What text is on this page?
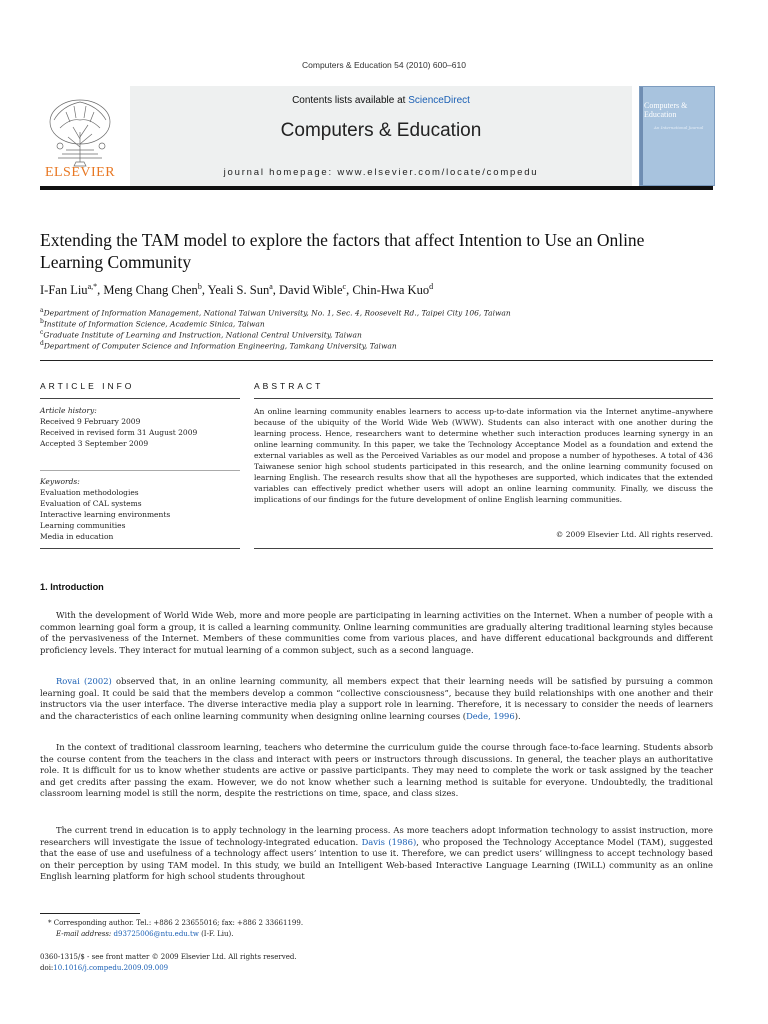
Computers & Education 54 (2010) 600–610
ELSEVIER
Contents lists available at ScienceDirect
Computers & Education
journal homepage: www.elsevier.com/locate/compedu
Computers & Education
An International Journal
Extending the TAM model to explore the factors that affect Intention to Use an Online Learning Community
I-Fan Liu$^{a,*}$, Meng Chang Chen$^b$, Yeali S. Sun$^a$, David Wible$^c$, Chin-Hwa Kuo$^d$
$^a$Department of Information Management, National Taiwan University, No. 1, Sec. 4, Roosevelt Rd., Taipei City 106, Taiwan
$^b$Institute of Information Science, Academic Sinica, Taiwan
$^c$Graduate Institute of Learning and Instruction, National Central University, Taiwan
$^d$Department of Computer Science and Information Engineering, Tamkang University, Taiwan
ARTICLE INFO
Article history:
Received 9 February 2009
Received in revised form 31 August 2009
Accepted 3 September 2009
Keywords:
Evaluation methodologies
Evaluation of CAL systems
Interactive learning environments
Learning communities
Media in education
ABSTRACT
An online learning community enables learners to access up-to-date information via the Internet anytime–anywhere because of the ubiquity of the World Wide Web (WWW). Students can also interact with one another during the learning process. Hence, researchers want to determine whether such interaction produces learning synergy in an online learning community. In this paper, we take the Technology Acceptance Model as a foundation and extend the external variables as well as the Perceived Variables as our model and propose a number of hypotheses. A total of 436 Taiwanese senior high school students participated in this research, and the online learning community focused on learning English. The research results show that all the hypotheses are supported, which indicates that the extended variables can effectively predict whether users will adopt an online learning community. Finally, we discuss the implications of our findings for the future development of online English learning communities.
© 2009 Elsevier Ltd. All rights reserved.
1. Introduction
With the development of World Wide Web, more and more people are participating in learning activities on the Internet. When a number of people with a common learning goal form a group, it is called a learning community. Online learning communities are gradually altering traditional learning styles because of the pervasiveness of the Internet. Members of these communities come from various places, and have different educational backgrounds and different proficiency levels. They interact for mutual learning of a common subject, such as a second language.
Rovai (2002) observed that, in an online learning community, all members expect that their learning needs will be satisfied by pursuing a common learning goal. It could be said that the members develop a common “collective consciousness”, because they build relationships with one another and their instructors via the user interface. The diverse interactive media play a support role in learning. Therefore, it is necessary to consider the needs of learners and the characteristics of each online learning community when designing online learning courses (Dede, 1996).
In the context of traditional classroom learning, teachers who determine the curriculum guide the course through face-to-face learning. Students absorb the course content from the teachers in the class and interact with peers or instructors through discussions. In general, the teacher plays an authoritative role. It is difficult for us to know whether students are active or passive participants. They may need to complete the work or task assigned by the teacher and get credits after passing the exam. However, we do not know whether such a learning method is suitable for everyone. Undoubtedly, the traditional classroom learning model is still the norm, despite the restrictions on time, space, and class sizes.
The current trend in education is to apply technology in the learning process. As more teachers adopt information technology to assist instruction, more researchers will investigate the issue of technology-integrated education. Davis (1986), who proposed the Technology Acceptance Model (TAM), suggested that the ease of use and usefulness of a technology affect users’ intention to use it. Therefore, we can predict users’ willingness to accept technology based on their perception by using TAM model. In this study, we build an Intelligent Web-based Interactive Language Learning (IWiLL) community as an online English learning platform for high school students throughout
* Corresponding author. Tel.: +886 2 23655016; fax: +886 2 33661199.
E-mail address: d93725006@ntu.edu.tw (I-F. Liu).
0360-1315/$ - see front matter © 2009 Elsevier Ltd. All rights reserved.
doi:10.1016/j.compedu.2009.09.009
